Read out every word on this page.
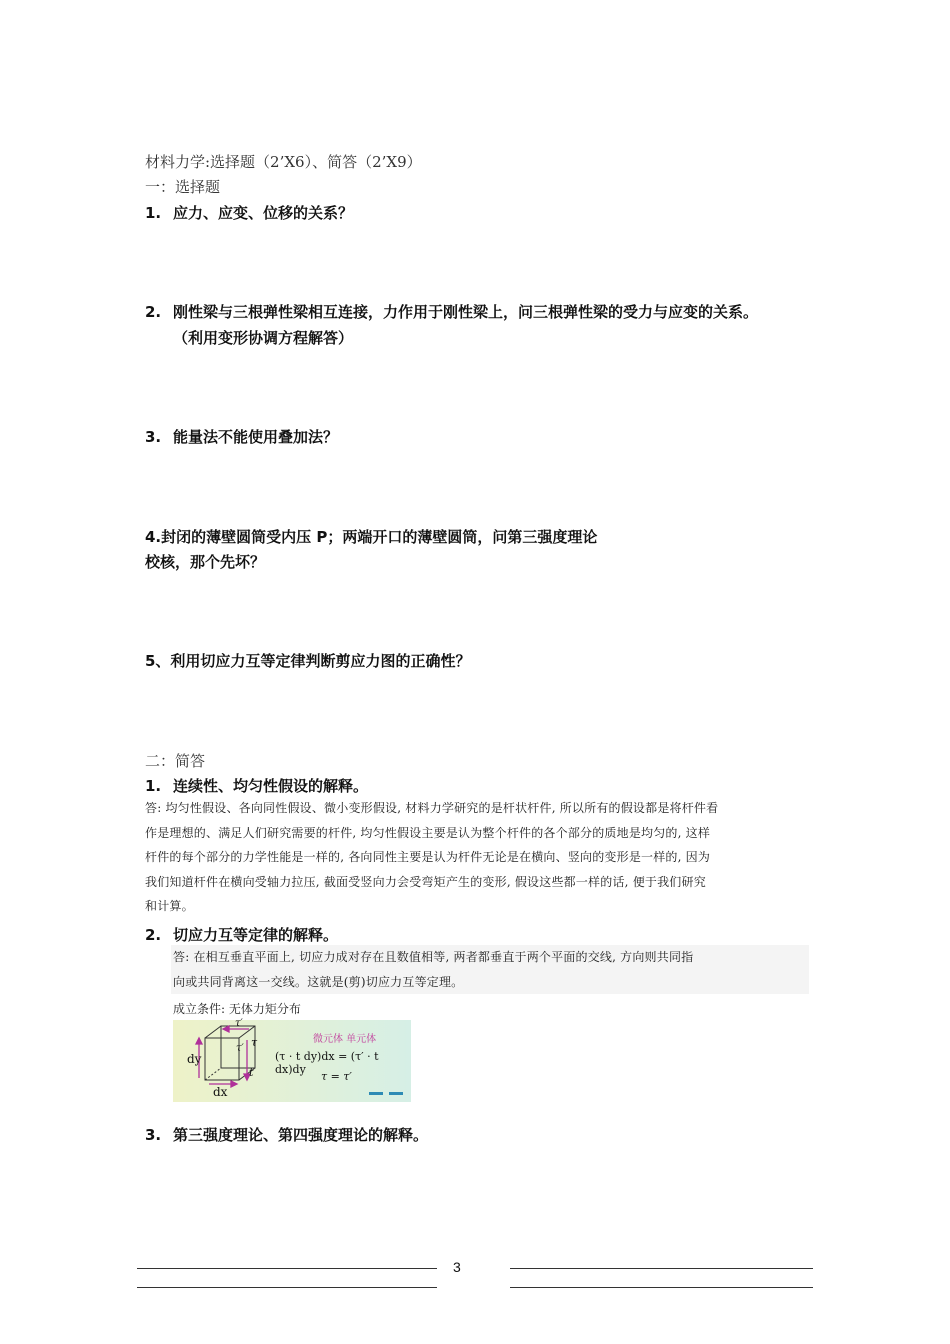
材料力学:选择题（2’X6）、简答（2’X9）
一：选择题
1. 应力、应变、位移的关系？
2. 刚性梁与三根弹性梁相互连接，力作用于刚性梁上，问三根弹性梁的受力与应变的关系。
（利用变形协调方程解答）
3. 能量法不能使用叠加法？
4.封闭的薄壁圆筒受内压 P；两端开口的薄壁圆筒，问第三强度理论
校核，那个先坏？
5、利用切应力互等定律判断剪应力图的正确性？
二：简答
1. 连续性、均匀性假设的解释。
答: 均匀性假设、各向同性假设、微小变形假设, 材料力学研究的是杆状杆件, 所以所有的假设都是将杆件看
作是理想的、满足人们研究需要的杆件, 均匀性假设主要是认为整个杆件的各个部分的质地是均匀的, 这样
杆件的每个部分的力学性能是一样的, 各向同性主要是认为杆件无论是在横向、竖向的变形是一样的, 因为
我们知道杆件在横向受轴力拉压, 截面受竖向力会受弯矩产生的变形, 假设这些都一样的话, 便于我们研究
和计算。
2. 切应力互等定律的解释。
答: 在相互垂直平面上, 切应力成对存在且数值相等, 两者都垂直于两个平面的交线, 方向则共同指
向或共同背离这一交线。这就是(剪)切应力互等定理。
成立条件: 无体力矩分布
dy
dx
t
τ′
τ
τ′
微元体 单元体
(τ · t dy)dx = (τ′ · t dx)dy
τ = τ′
3. 第三强度理论、第四强度理论的解释。
3
